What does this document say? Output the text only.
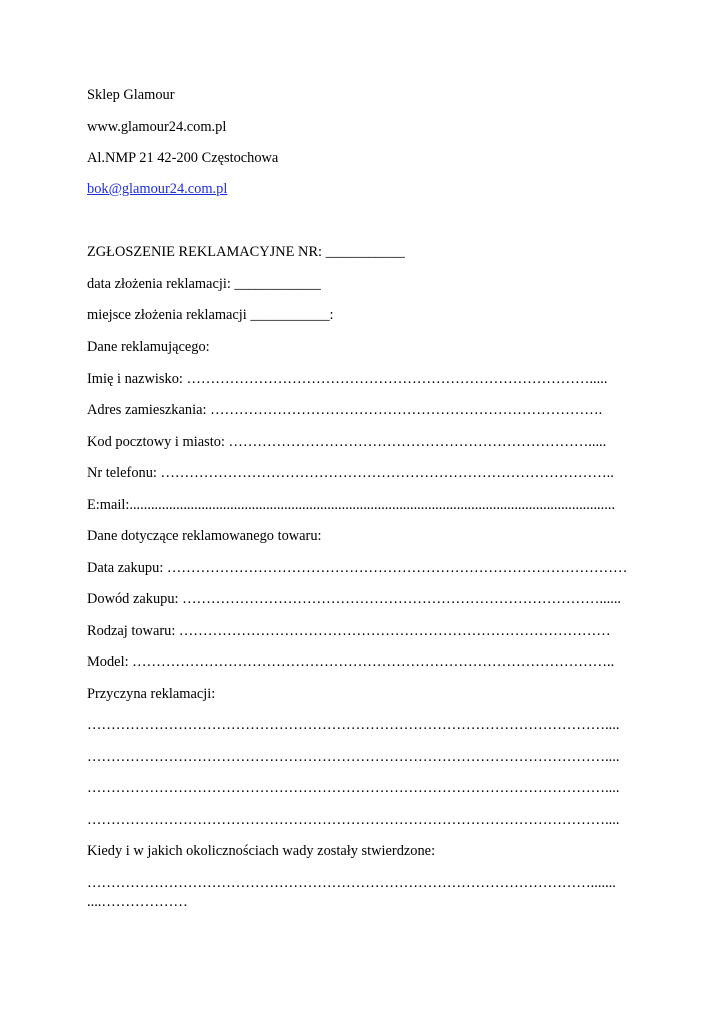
Sklep Glamour
www.glamour24.com.pl
Al.NMP 21 42-200 Częstochowa
bok@glamour24.com.pl
ZGŁOSZENIE REKLAMACYJNE NR: ___________
data złożenia reklamacji: ____________
miejsce złożenia reklamacji ___________:
Dane reklamującego:
Imię i nazwisko: ………………………………………………………………………….....
Adres zamieszkania: ……………………………………………………………………….
Kod pocztowy i miasto: ………………………………………………………………….....
Nr telefonu: …………………………………………………………………………………..
E:mail:.......................................................................................................................................
Dane dotyczące reklamowanego towaru:
Data zakupu: ……………………………………………………………………………………
Dowód zakupu: ……………………………………………………………………………......
Rodzaj towaru: ………………………………………………………………………………
Model: ………………………………………………………………………………………..
Przyczyna reklamacji:
………………………………………………………………………………………………....
………………………………………………………………………………………………....
………………………………………………………………………………………………....
………………………………………………………………………………………………....
Kiedy i w jakich okolicznościach wady zostały stwierdzone:
…………………………………………………………………………………………….......
....………………
